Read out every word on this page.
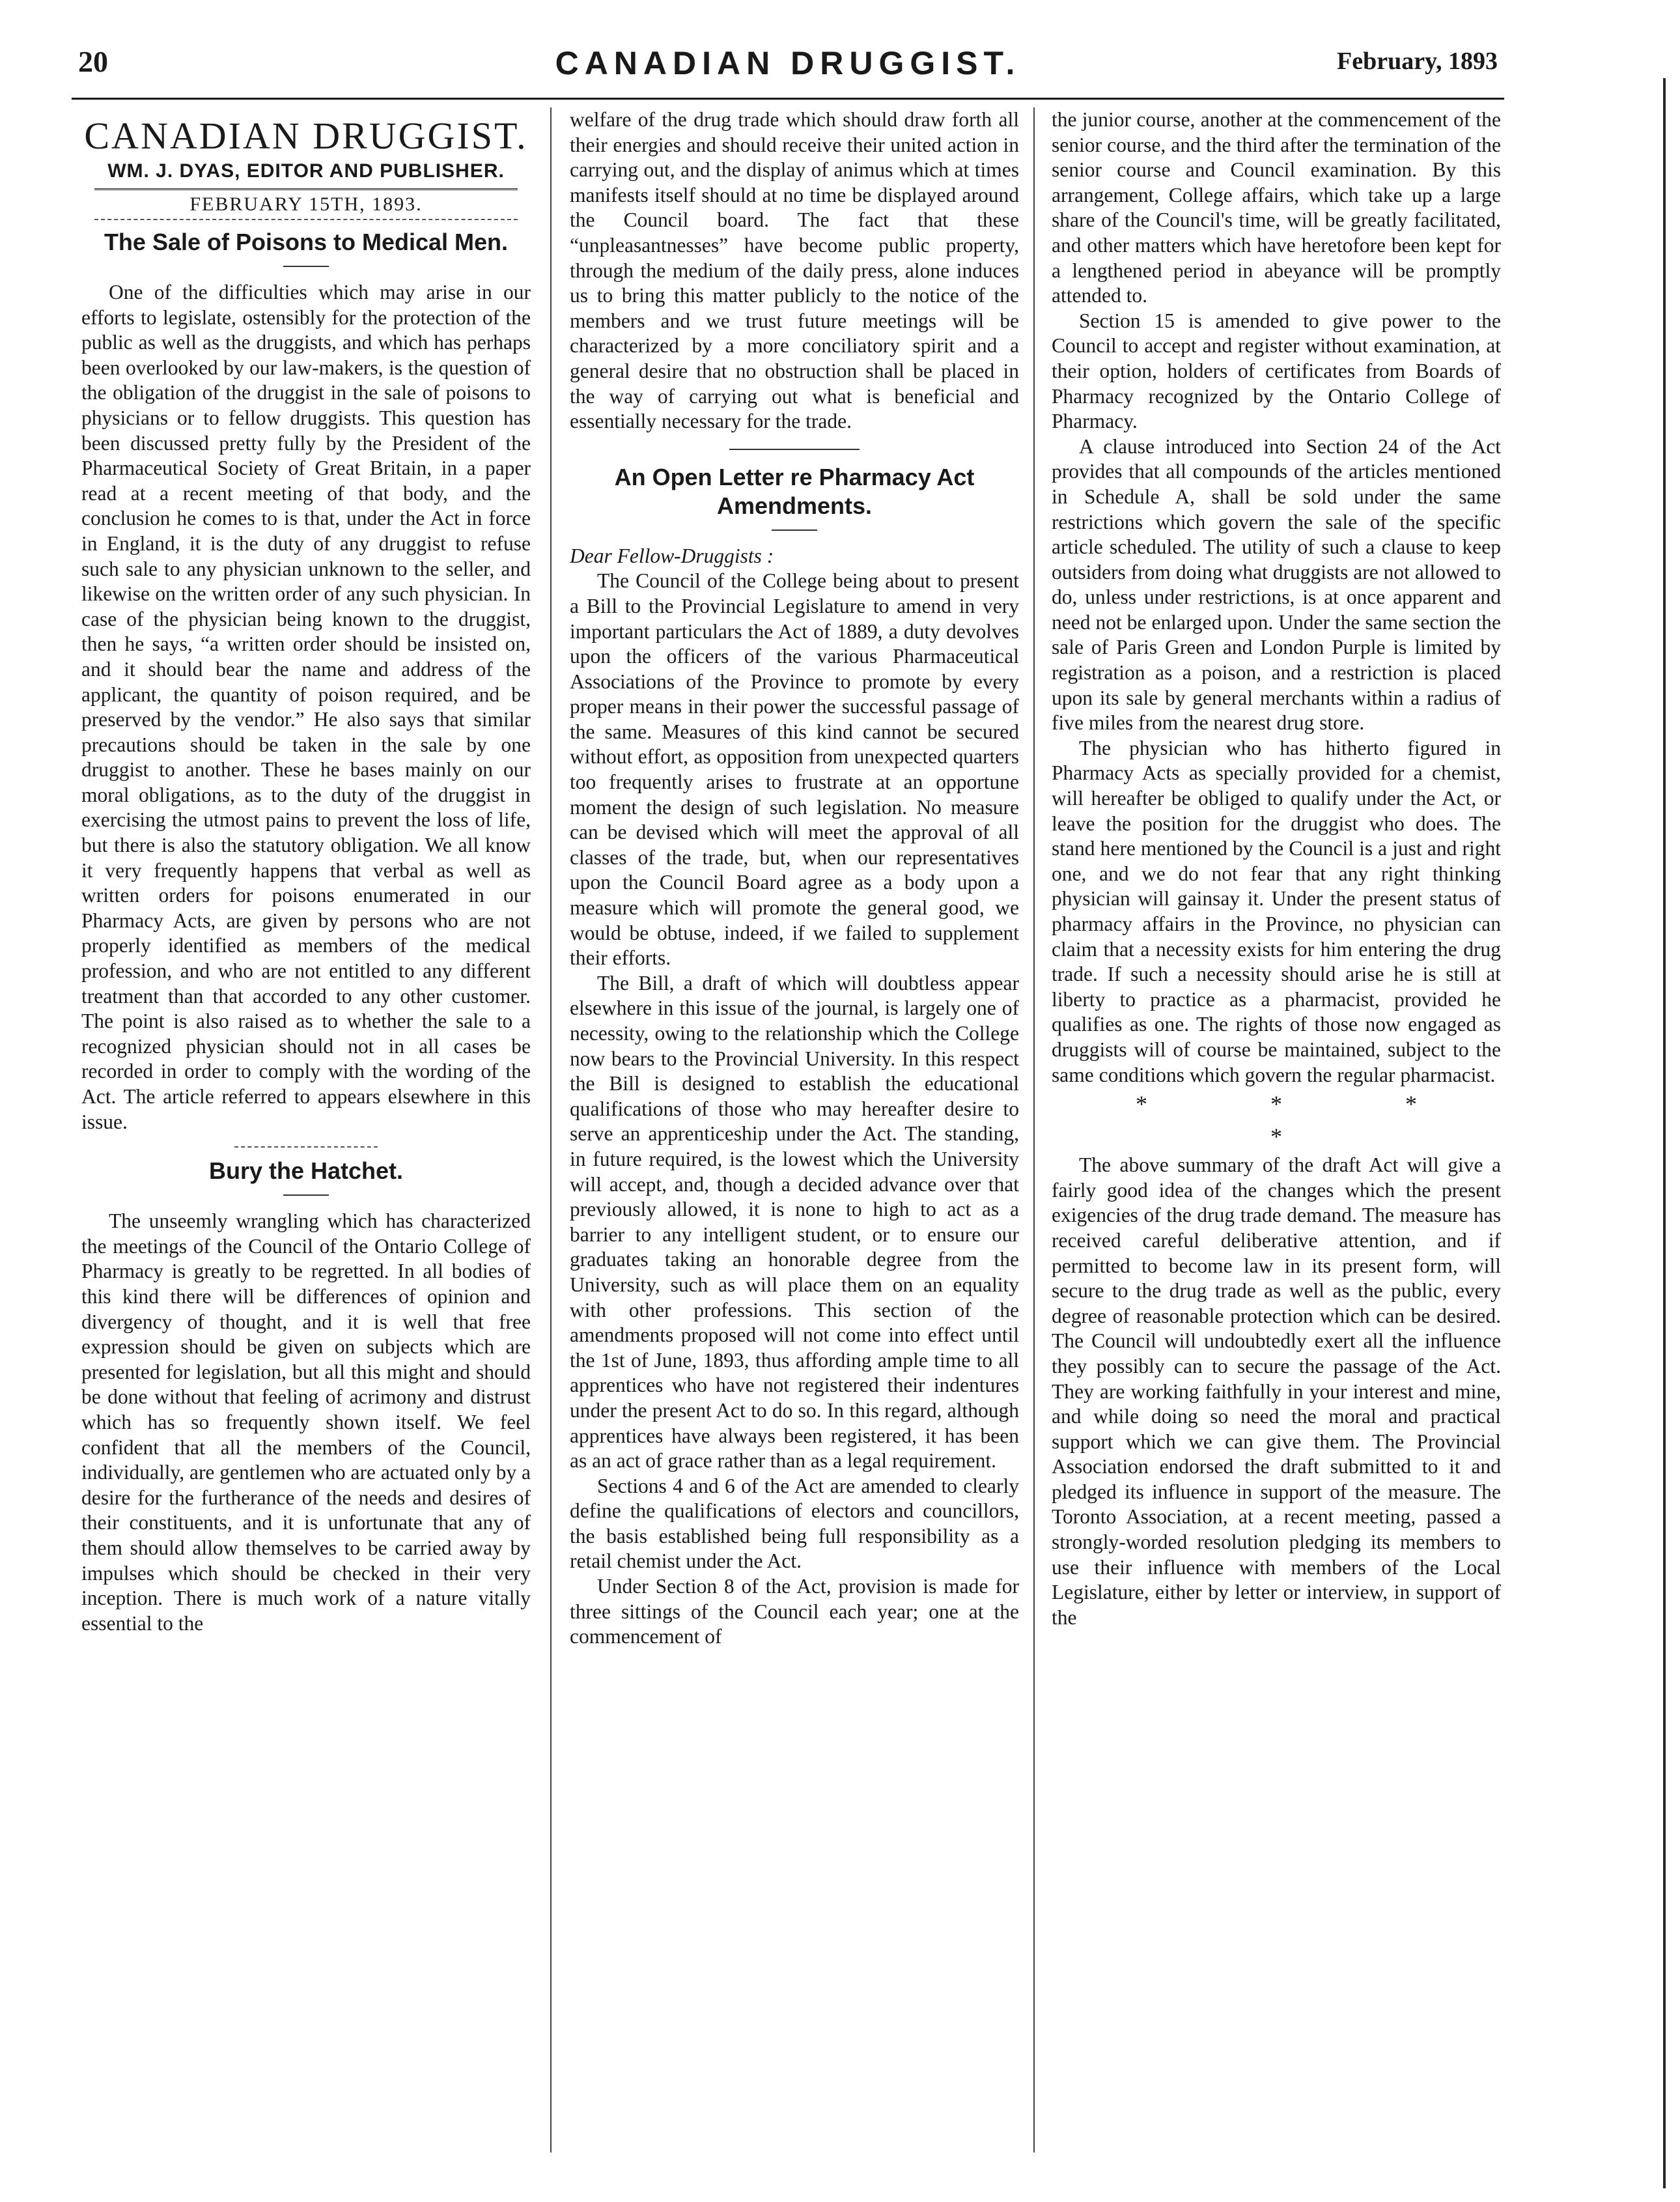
20	CANADIAN DRUGGIST.	February, 1893
CANADIAN DRUGGIST.
WM. J. DYAS, EDITOR AND PUBLISHER.
FEBRUARY 15TH, 1893.
The Sale of Poisons to Medical Men.

One of the difficulties which may arise in our efforts to legislate, ostensibly for the protection of the public as well as the druggists, and which has perhaps been overlooked by our law-makers, is the question of the obligation of the druggist in the sale of poisons to physicians or to fellow druggists. This question has been discussed pretty fully by the President of the Pharmaceutical Society of Great Britain, in a paper read at a recent meeting of that body, and the conclusion he comes to is that, under the Act in force in England, it is the duty of any druggist to refuse such sale to any physician unknown to the seller, and likewise on the written order of any such physician. In case of the physician being known to the druggist, then he says, “a written order should be insisted on, and it should bear the name and address of the applicant, the quantity of poison required, and be preserved by the vendor.” He also says that similar precautions should be taken in the sale by one druggist to another. These he bases mainly on our moral obligations, as to the duty of the druggist in exercising the utmost pains to prevent the loss of life, but there is also the statutory obligation. We all know it very frequently happens that verbal as well as written orders for poisons enumerated in our Pharmacy Acts, are given by persons who are not properly identified as members of the medical profession, and who are not entitled to any different treatment than that accorded to any other customer. The point is also raised as to whether the sale to a recognized physician should not in all cases be recorded in order to comply with the wording of the Act. The article referred to appears elsewhere in this issue.

Bury the Hatchet.

The unseemly wrangling which has characterized the meetings of the Council of the Ontario College of Pharmacy is greatly to be regretted. In all bodies of this kind there will be differences of opinion and divergency of thought, and it is well that free expression should be given on subjects which are presented for legislation, but all this might and should be done without that feeling of acrimony and distrust which has so frequently shown itself. We feel confident that all the members of the Council, individually, are gentlemen who are actuated only by a desire for the furtherance of the needs and desires of their constituents, and it is unfortunate that any of them should allow themselves to be carried away by impulses which should be checked in their very inception. There is much work of a nature vitally essential to the

welfare of the drug trade which should draw forth all their energies and should receive their united action in carrying out, and the display of animus which at times manifests itself should at no time be displayed around the Council board. The fact that these “unpleasantnesses” have become public property, through the medium of the daily press, alone induces us to bring this matter publicly to the notice of the members and we trust future meetings will be characterized by a more conciliatory spirit and a general desire that no obstruction shall be placed in the way of carrying out what is beneficial and essentially necessary for the trade.

An Open Letter re Pharmacy Act Amendments.

Dear Fellow-Druggists :

The Council of the College being about to present a Bill to the Provincial Legislature to amend in very important particulars the Act of 1889, a duty devolves upon the officers of the various Pharmaceutical Associations of the Province to promote by every proper means in their power the successful passage of the same. Measures of this kind cannot be secured without effort, as opposition from unexpected quarters too frequently arises to frustrate at an opportune moment the design of such legislation. No measure can be devised which will meet the approval of all classes of the trade, but, when our representatives upon the Council Board agree as a body upon a measure which will promote the general good, we would be obtuse, indeed, if we failed to supplement their efforts.

The Bill, a draft of which will doubtless appear elsewhere in this issue of the journal, is largely one of necessity, owing to the relationship which the College now bears to the Provincial University. In this respect the Bill is designed to establish the educational qualifications of those who may hereafter desire to serve an apprenticeship under the Act. The standing, in future required, is the lowest which the University will accept, and, though a decided advance over that previously allowed, it is none to high to act as a barrier to any intelligent student, or to ensure our graduates taking an honorable degree from the University, such as will place them on an equality with other professions. This section of the amendments proposed will not come into effect until the 1st of June, 1893, thus affording ample time to all apprentices who have not registered their indentures under the present Act to do so. In this regard, although apprentices have always been registered, it has been as an act of grace rather than as a legal requirement.

Sections 4 and 6 of the Act are amended to clearly define the qualifications of electors and councillors, the basis established being full responsibility as a retail chemist under the Act.

Under Section 8 of the Act, provision is made for three sittings of the Council each year; one at the commencement of

the junior course, another at the commencement of the senior course, and the third after the termination of the senior course and Council examination. By this arrangement, College affairs, which take up a large share of the Council's time, will be greatly facilitated, and other matters which have heretofore been kept for a lengthened period in abeyance will be promptly attended to.

Section 15 is amended to give power to the Council to accept and register without examination, at their option, holders of certificates from Boards of Pharmacy recognized by the Ontario College of Pharmacy.

A clause introduced into Section 24 of the Act provides that all compounds of the articles mentioned in Schedule A, shall be sold under the same restrictions which govern the sale of the specific article scheduled. The utility of such a clause to keep outsiders from doing what druggists are not allowed to do, unless under restrictions, is at once apparent and need not be enlarged upon. Under the same section the sale of Paris Green and London Purple is limited by registration as a poison, and a restriction is placed upon its sale by general merchants within a radius of five miles from the nearest drug store.

The physician who has hitherto figured in Pharmacy Acts as specially provided for a chemist, will hereafter be obliged to qualify under the Act, or leave the position for the druggist who does. The stand here mentioned by the Council is a just and right one, and we do not fear that any right thinking physician will gainsay it. Under the present status of pharmacy affairs in the Province, no physician can claim that a necessity exists for him entering the drug trade. If such a necessity should arise he is still at liberty to practice as a pharmacist, provided he qualifies as one. The rights of those now engaged as druggists will of course be maintained, subject to the same conditions which govern the regular pharmacist.

* * * *

The above summary of the draft Act will give a fairly good idea of the changes which the present exigencies of the drug trade demand. The measure has received careful deliberative attention, and if permitted to become law in its present form, will secure to the drug trade as well as the public, every degree of reasonable protection which can be desired. The Council will undoubtedly exert all the influence they possibly can to secure the passage of the Act. They are working faithfully in your interest and mine, and while doing so need the moral and practical support which we can give them. The Provincial Association endorsed the draft submitted to it and pledged its influence in support of the measure. The Toronto Association, at a recent meeting, passed a strongly-worded resolution pledging its members to use their influence with members of the Local Legislature, either by letter or interview, in support of the
